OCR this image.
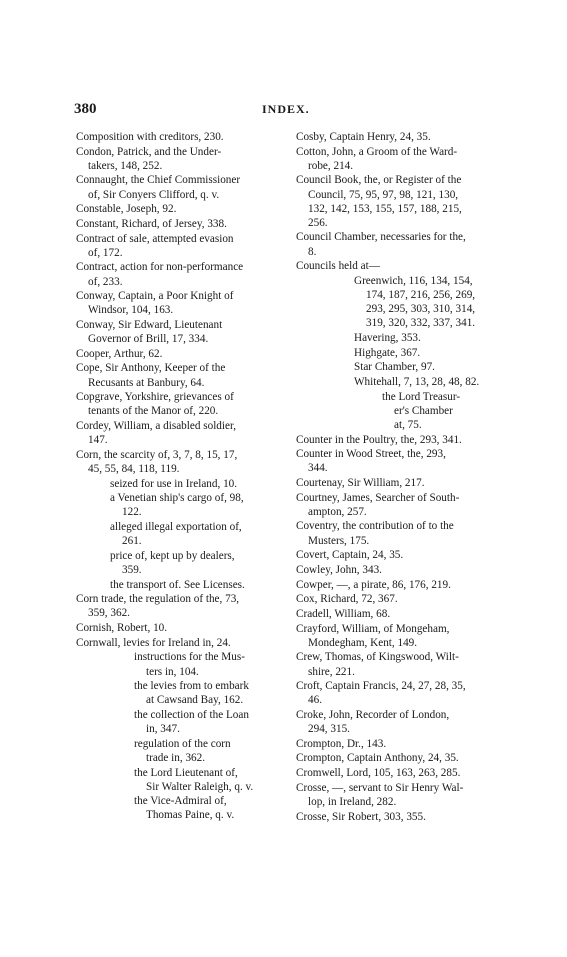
380	INDEX.
Composition with creditors, 230.
Condon, Patrick, and the Under-
takers, 148, 252.
Connaught, the Chief Commissioner
of, Sir Conyers Clifford, q. v.
Constable, Joseph, 92.
Constant, Richard, of Jersey, 338.
Contract of sale, attempted evasion
of, 172.
Contract, action for non-performance
of, 233.
Conway, Captain, a Poor Knight of
Windsor, 104, 163.
Conway, Sir Edward, Lieutenant
Governor of Brill, 17, 334.
Cooper, Arthur, 62.
Cope, Sir Anthony, Keeper of the
Recusants at Banbury, 64.
Copgrave, Yorkshire, grievances of
tenants of the Manor of, 220.
Cordey, William, a disabled soldier,
147.
Corn, the scarcity of, 3, 7, 8, 15, 17,
45, 55, 84, 118, 119.
seized for use in Ireland, 10.
a Venetian ship's cargo of, 98,
122.
alleged illegal exportation of,
261.
price of, kept up by dealers,
359.
the transport of. See Licenses.
Corn trade, the regulation of the, 73,
359, 362.
Cornish, Robert, 10.
Cornwall, levies for Ireland in, 24.
instructions for the Mus-
ters in, 104.
the levies from to embark
at Cawsand Bay, 162.
the collection of the Loan
in, 347.
regulation of the corn
trade in, 362.
the Lord Lieutenant of,
Sir Walter Raleigh, q. v.
the Vice-Admiral of,
Thomas Paine, q. v.
Cosby, Captain Henry, 24, 35.
Cotton, John, a Groom of the Ward-
robe, 214.
Council Book, the, or Register of the
Council, 75, 95, 97, 98, 121, 130,
132, 142, 153, 155, 157, 188, 215,
256.
Council Chamber, necessaries for the,
8.
Councils held at—
Greenwich, 116, 134, 154,
174, 187, 216, 256, 269,
293, 295, 303, 310, 314,
319, 320, 332, 337, 341.
Havering, 353.
Highgate, 367.
Star Chamber, 97.
Whitehall, 7, 13, 28, 48, 82.
the Lord Treasur-
er's Chamber
at, 75.
Counter in the Poultry, the, 293, 341.
Counter in Wood Street, the, 293,
344.
Courtenay, Sir William, 217.
Courtney, James, Searcher of South-
ampton, 257.
Coventry, the contribution of to the
Musters, 175.
Covert, Captain, 24, 35.
Cowley, John, 343.
Cowper, —, a pirate, 86, 176, 219.
Cox, Richard, 72, 367.
Cradell, William, 68.
Crayford, William, of Mongeham,
Mondegham, Kent, 149.
Crew, Thomas, of Kingswood, Wilt-
shire, 221.
Croft, Captain Francis, 24, 27, 28, 35,
46.
Croke, John, Recorder of London,
294, 315.
Crompton, Dr., 143.
Crompton, Captain Anthony, 24, 35.
Cromwell, Lord, 105, 163, 263, 285.
Crosse, —, servant to Sir Henry Wal-
lop, in Ireland, 282.
Crosse, Sir Robert, 303, 355.
